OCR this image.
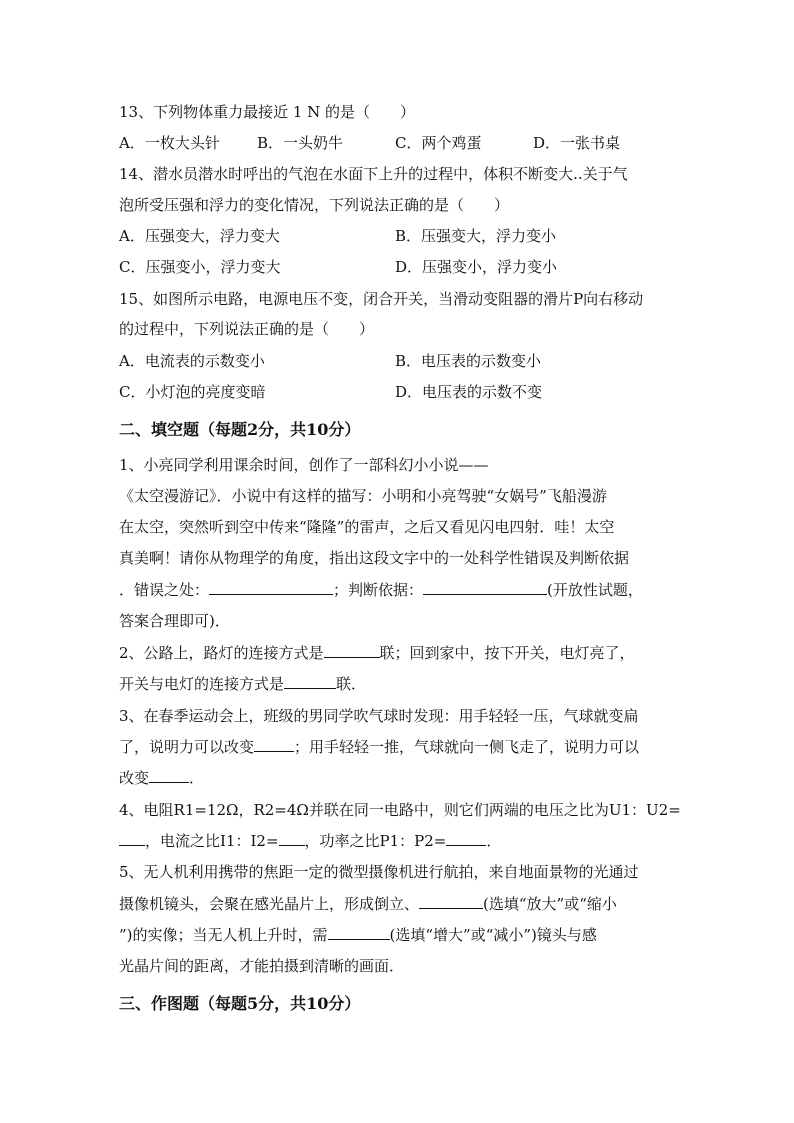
13、下列物体重力最接近 1 N 的是（　　）
A．一枚大头针 B．一头奶牛	C．两个鸡蛋	D．一张书桌
14、潜水员潜水时呼出的气泡在水面下上升的过程中，体积不断变大..关于气
泡所受压强和浮力的变化情况，下列说法正确的是（　　）
A．压强变大，浮力变大	B．压强变大，浮力变小
C．压强变小，浮力变大	D．压强变小，浮力变小
15、如图所示电路，电源电压不变，闭合开关，当滑动变阻器的滑片P向右移动
的过程中，下列说法正确的是（　　）
A．电流表的示数变小	B．电压表的示数变小
C．小灯泡的亮度变暗	D．电压表的示数不变
二、填空题（每题2分，共10分）
1、小亮同学利用课余时间，创作了一部科幻小小说——
《太空漫游记》．小说中有这样的描写：小明和小亮驾驶“女娲号”飞船漫游
在太空，突然听到空中传来“隆隆”的雷声，之后又看见闪电四射．哇！太空
真美啊！请你从物理学的角度，指出这段文字中的一处科学性错误及判断依据
．错误之处：	；判断依据：	(开放性试题，
答案合理即可)．
2、公路上，路灯的连接方式是	联；回到家中，按下开关，电灯亮了，
开关与电灯的连接方式是	联．
3、在春季运动会上，班级的男同学吹气球时发现：用手轻轻一压，气球就变扁
了，说明力可以改变	；用手轻轻一推，气球就向一侧飞走了，说明力可以
改变	．
4、电阻R1=12Ω，R2=4Ω并联在同一电路中，则它们两端的电压之比为U1：U2=
，电流之比I1：I2= ，功率之比P1：P2=	．
5、无人机利用携带的焦距一定的微型摄像机进行航拍，来自地面景物的光通过
摄像机镜头，会聚在感光晶片上，形成倒立、	(选填“放大”或“缩小
”)的实像；当无人机上升时，需	(选填“增大”或“减小”)镜头与感
光晶片间的距离，才能拍摄到清晰的画面．
三、作图题（每题5分，共10分）
